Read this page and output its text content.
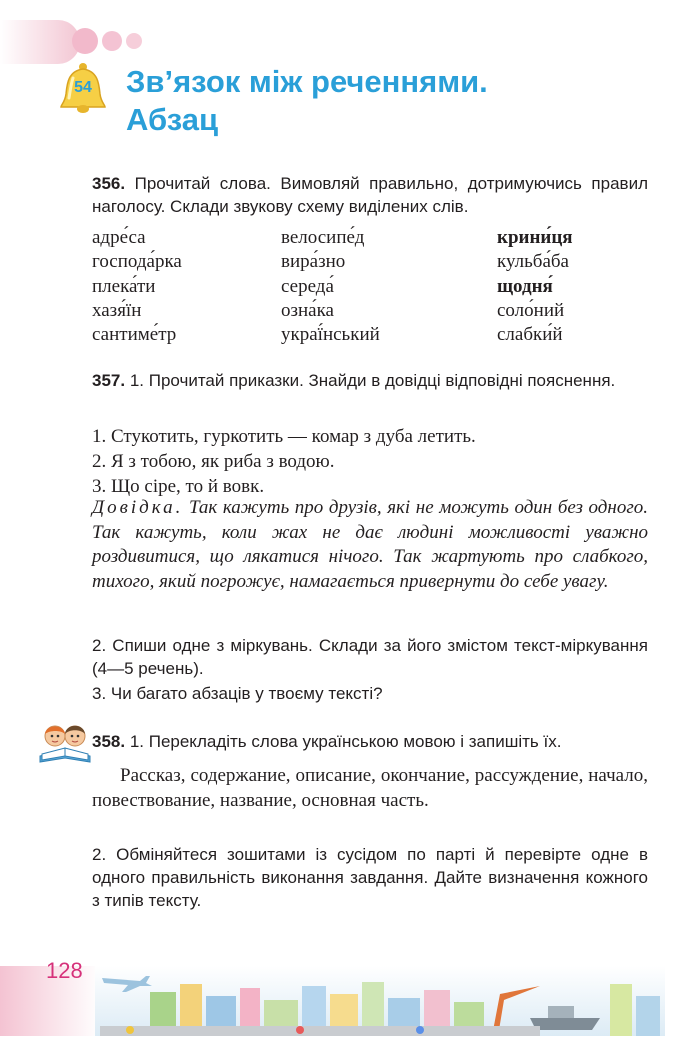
54 Зв’язок між реченнями.
Абзац

356. Прочитай слова. Вимовляй правильно, дотримуючись правил наголосу. Склади звукову схему виділених слів.

адре́са
господа́рка
плека́ти
хазя́їн
сантиме́тр
велосипе́д
вира́зно
середа́
озна́ка
украї́нський
крини́ця
кульба́ба
щодня́
соло́ний
слабки́й

357. 1. Прочитай приказки. Знайди в довідці відповідні пояснення.

1. Стукотить, гуркотить — комар з дуба летить.
2. Я з тобою, як риба з водою.
3. Що сіре, то й вовк.

Довідка. Так кажуть про друзів, які не можуть один без одного. Так кажуть, коли жах не дає людині можливості уважно роздивитися, що лякатися нічого. Так жартують про слабкого, тихого, який погрожує, намагається привернути до себе увагу.

2. Спиши одне з міркувань. Склади за його змістом текст-міркування (4—5 речень).

3. Чи багато абзаців у твоєму тексті?

358. 1. Перекладіть слова українською мовою і запишіть їх.

Рассказ, содержание, описание, окончание, рассуждение, начало, повествование, название, основная часть.

2. Обміняйтеся зошитами із сусідом по парті й перевірте одне в одного правильність виконання завдання. Дайте визначення кожного з типів тексту.

128
